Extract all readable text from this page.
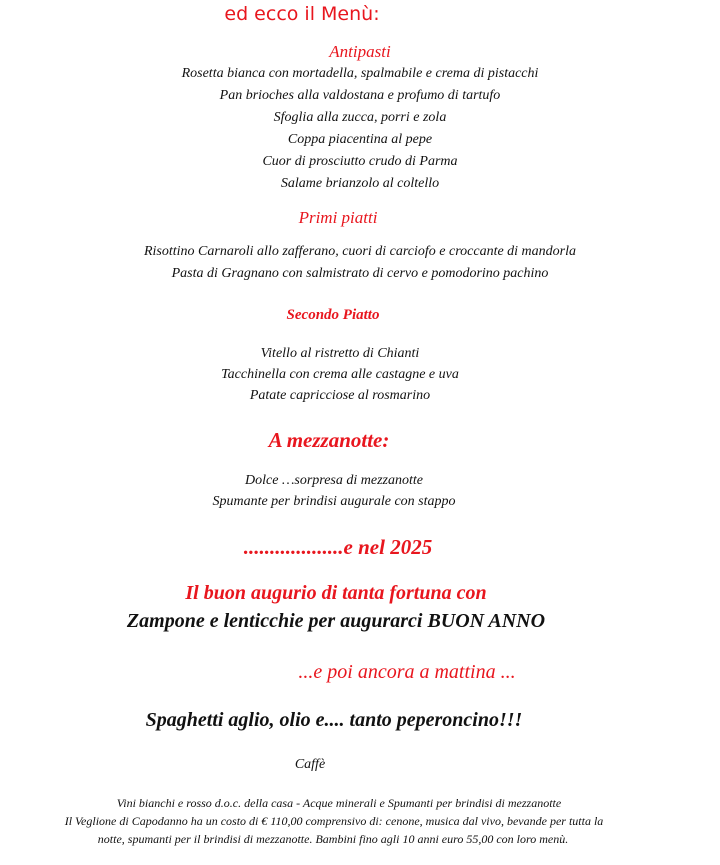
ed ecco il Menù:
Antipasti
Rosetta bianca con mortadella, spalmabile e crema di pistacchi
Pan brioches alla valdostana e profumo di tartufo
Sfoglia alla zucca, porri e zola
Coppa piacentina al pepe
Cuor di prosciutto crudo di Parma
Salame brianzolo al coltello
Primi piatti
Risottino Carnaroli allo zafferano, cuori di carciofo e croccante di mandorla
Pasta di Gragnano con salmistrato di cervo e pomodorino pachino
Secondo Piatto
Vitello al ristretto di Chianti
Tacchinella con crema alle castagne e uva
Patate capricciose al rosmarino
A mezzanotte:
Dolce …sorpresa di mezzanotte
Spumante per brindisi augurale con stappo
...................e nel 2025
Il buon augurio di tanta fortuna con
Zampone e lenticchie per augurarci BUON ANNO
...e poi ancora a mattina ...
Spaghetti aglio, olio e.... tanto peperoncino!!!
Caffè
Vini bianchi e rosso d.o.c. della casa - Acque minerali e Spumanti per brindisi di mezzanotte
Il Veglione di Capodanno ha un costo di € 110,00 comprensivo di: cenone, musica dal vivo, bevande per tutta la
notte, spumanti per il brindisi di mezzanotte. Bambini fino agli 10 anni euro 55,00 con loro menù.
